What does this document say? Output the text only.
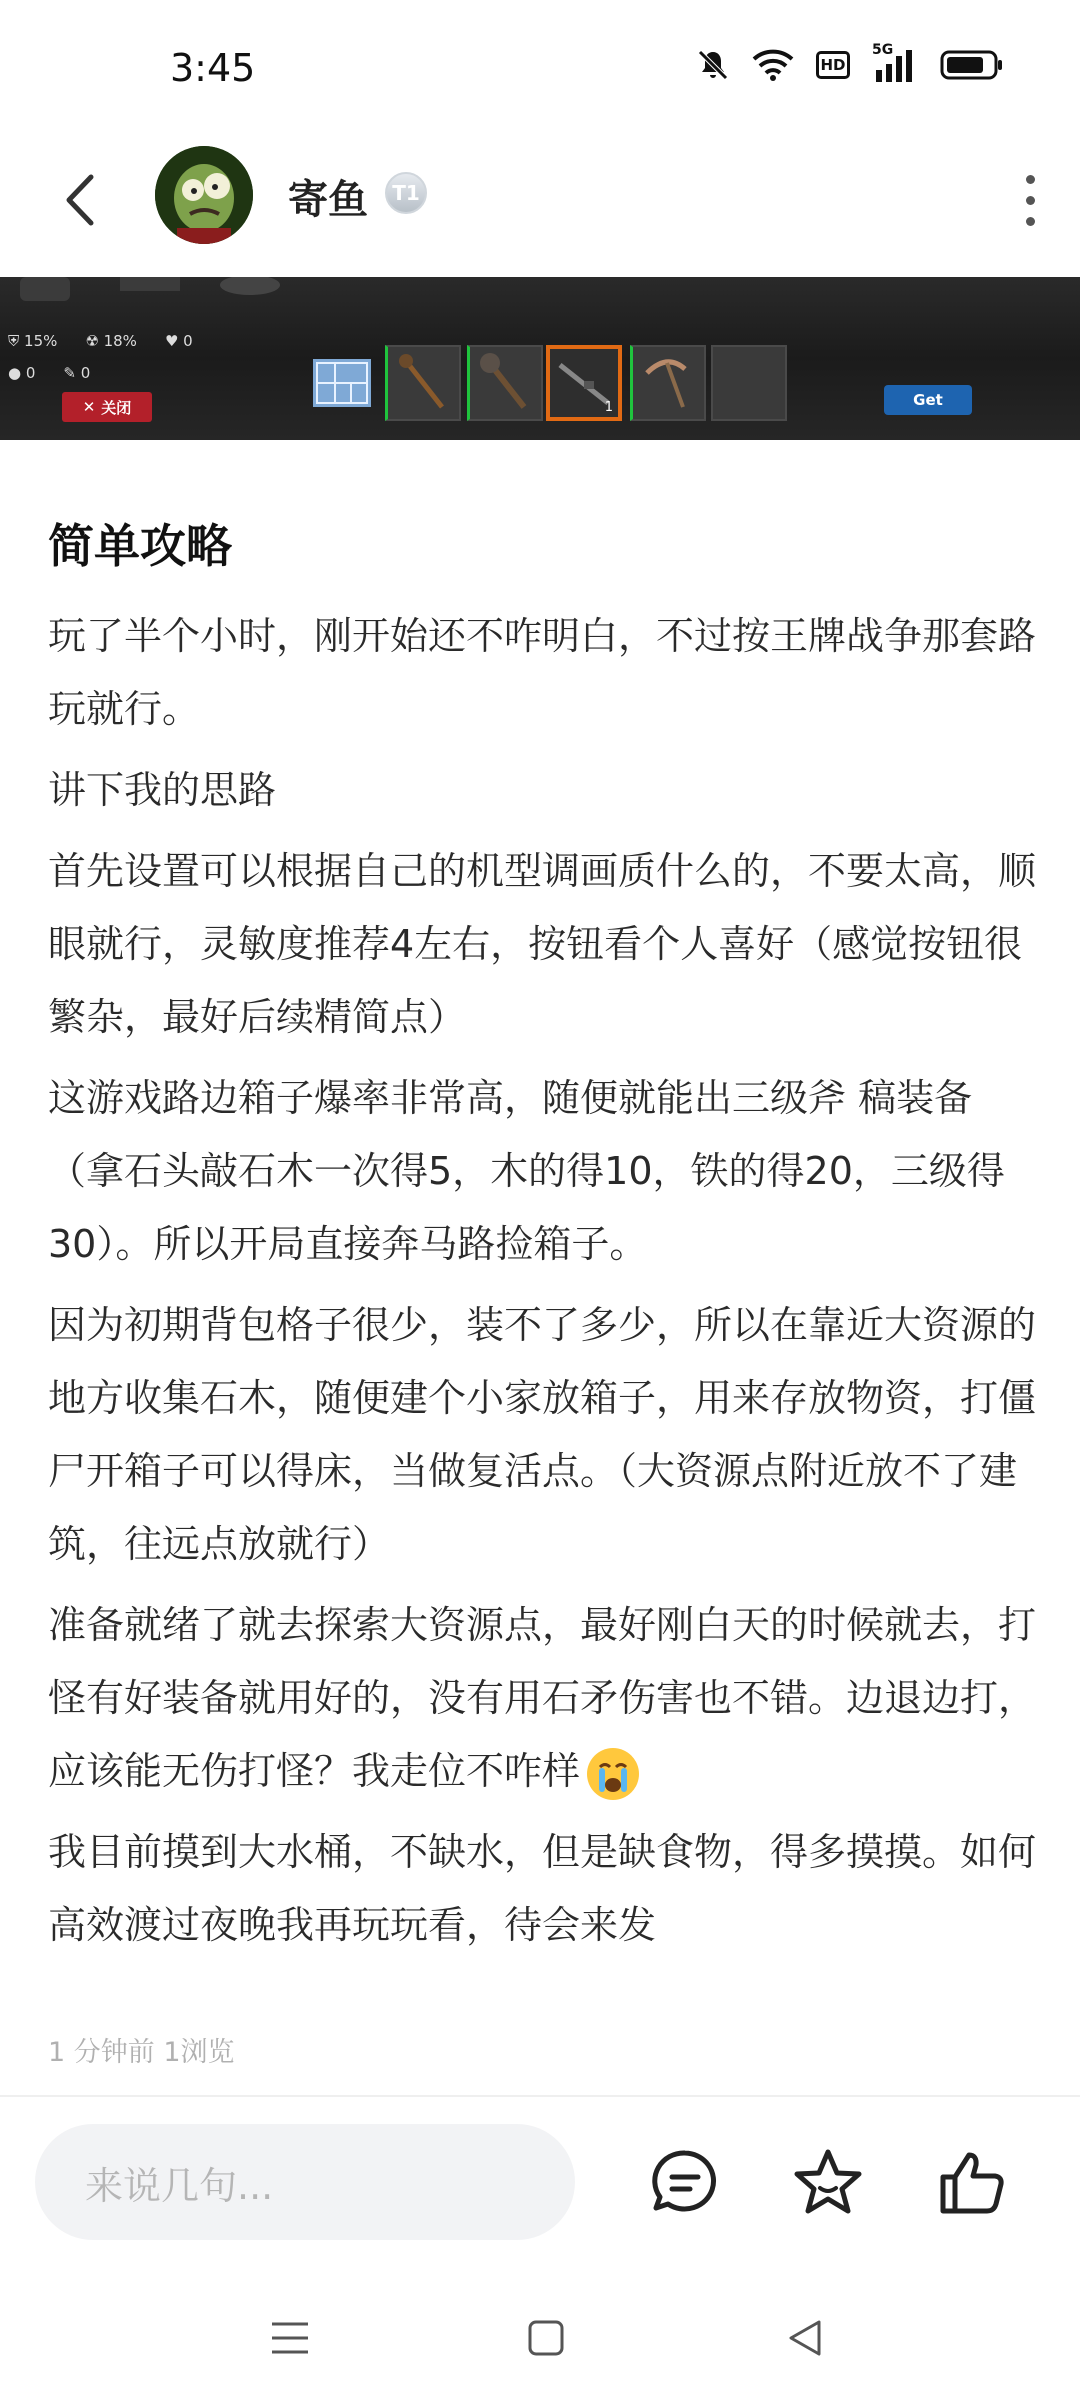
3:45	HD
5G
寄鱼	T1
⛨ 15% ☢ 18% ♥ 0
● 0 ✎ 0
✕ 关闭	1	Get
简单攻略

玩了半个小时，刚开始还不咋明白，不过按王牌战争那套路玩就行。

讲下我的思路

首先设置可以根据自己的机型调画质什么的，不要太高，顺眼就行，灵敏度推荐4左右，按钮看个人喜好（感觉按钮很繁杂，最好后续精简点）

这游戏路边箱子爆率非常高，随便就能出三级斧 稿装备（拿石头敲石木一次得5，木的得10，铁的得20，三级得30）。所以开局直接奔马路捡箱子。

因为初期背包格子很少，装不了多少，所以在靠近大资源的地方收集石木，随便建个小家放箱子，用来存放物资，打僵尸开箱子可以得床，当做复活点。（大资源点附近放不了建筑，往远点放就行）

准备就绪了就去探索大资源点，最好刚白天的时候就去，打怪有好装备就用好的，没有用石矛伤害也不错。边退边打，应该能无伤打怪？我走位不咋样

我目前摸到大水桶，不缺水，但是缺食物，得多摸摸。如何高效渡过夜晚我再玩玩看，待会来发

1 分钟前 1浏览
来说几句...
